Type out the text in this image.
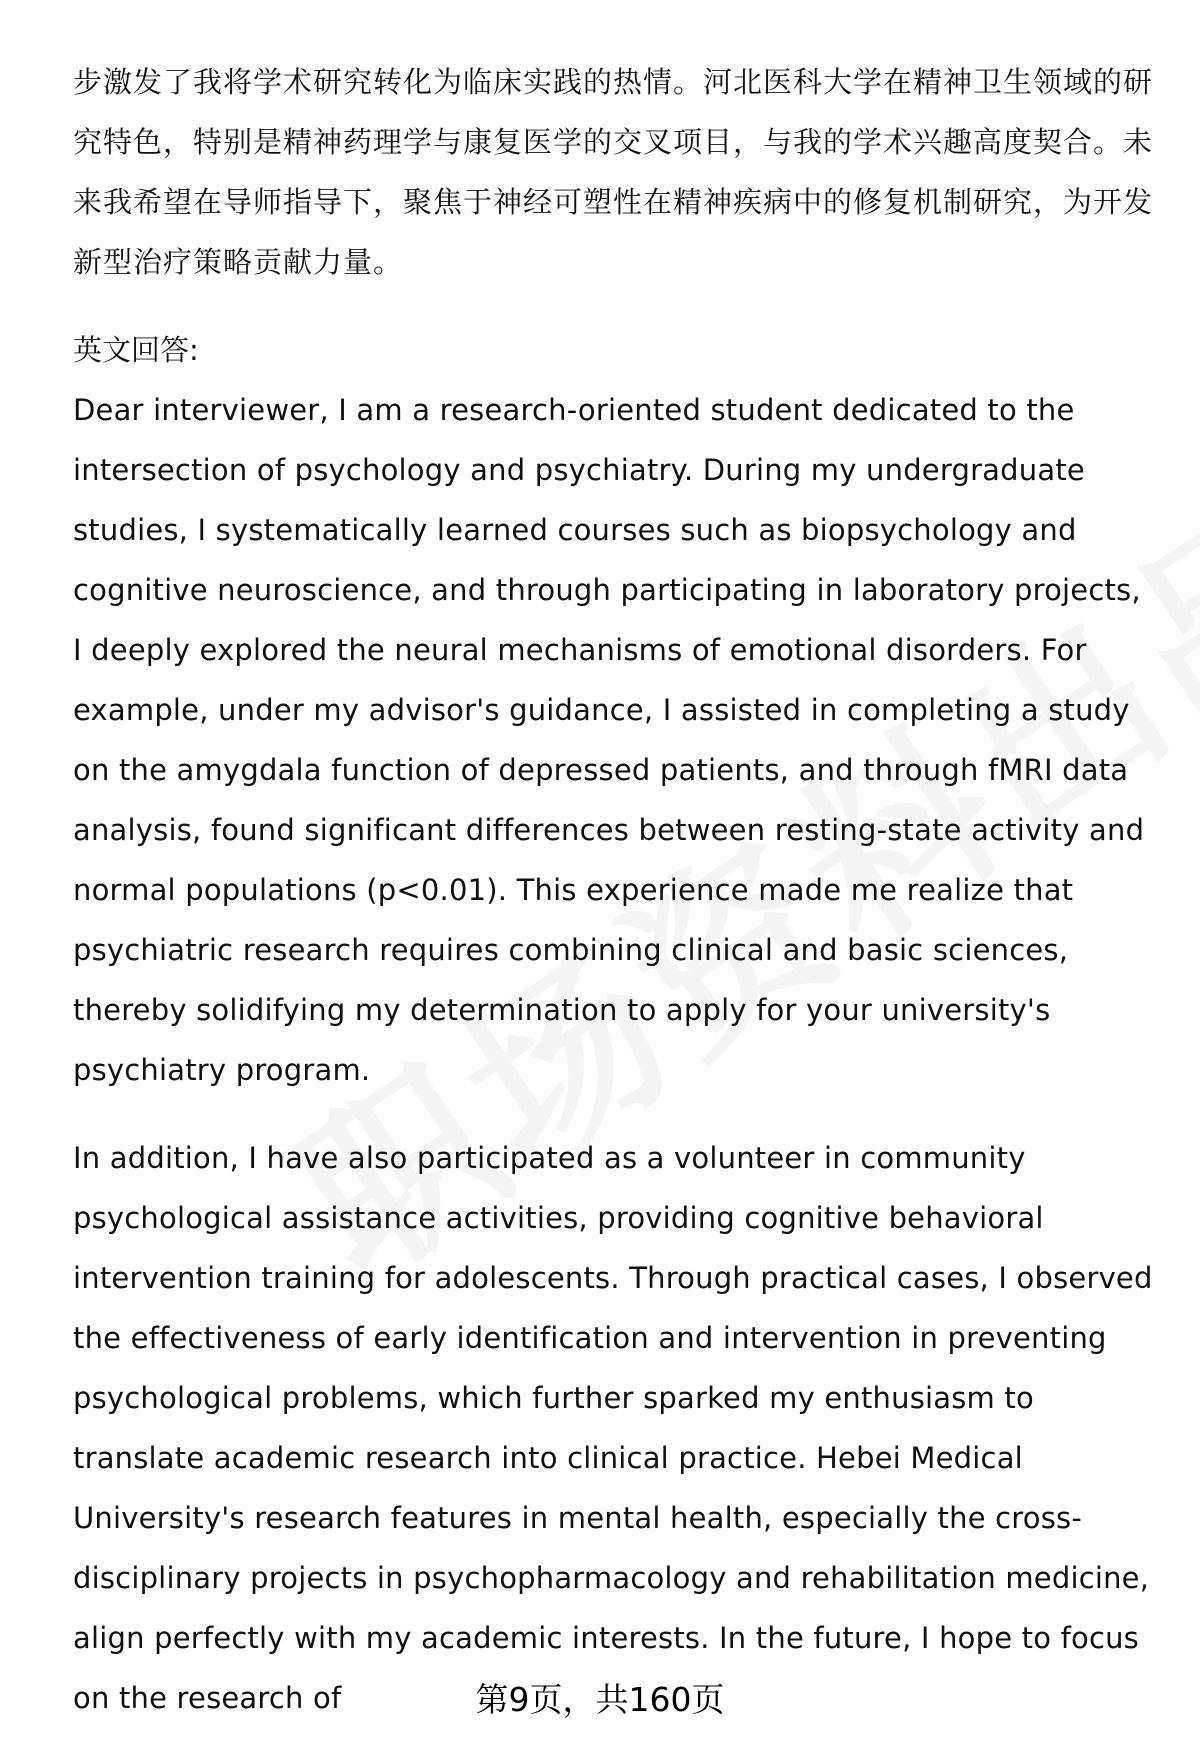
步激发了我将学术研究转化为临床实践的热情。河北医科大学在精神卫生领域的研究特色，特别是精神药理学与康复医学的交叉项目，与我的学术兴趣高度契合。未来我希望在导师指导下，聚焦于神经可塑性在精神疾病中的修复机制研究，为开发新型治疗策略贡献力量。

英文回答:

Dear interviewer, I am a research-oriented student dedicated to the intersection of psychology and psychiatry. During my undergraduate studies, I systematically learned courses such as biopsychology and cognitive neuroscience, and through participating in laboratory projects, I deeply explored the neural mechanisms of emotional disorders. For example, under my advisor's guidance, I assisted in completing a study on the amygdala function of depressed patients, and through fMRI data analysis, found significant differences between resting-state activity and normal populations (p<0.01). This experience made me realize that psychiatric research requires combining clinical and basic sciences, thereby solidifying my determination to apply for your university's psychiatry program.

In addition, I have also participated as a volunteer in community psychological assistance activities, providing cognitive behavioral intervention training for adolescents. Through practical cases, I observed the effectiveness of early identification and intervention in preventing psychological problems, which further sparked my enthusiasm to translate academic research into clinical practice. Hebei Medical University's research features in mental health, especially the cross-disciplinary projects in psychopharmacology and rehabilitation medicine, align perfectly with my academic interests. In the future, I hope to focus on the research of	第9页，共160页
